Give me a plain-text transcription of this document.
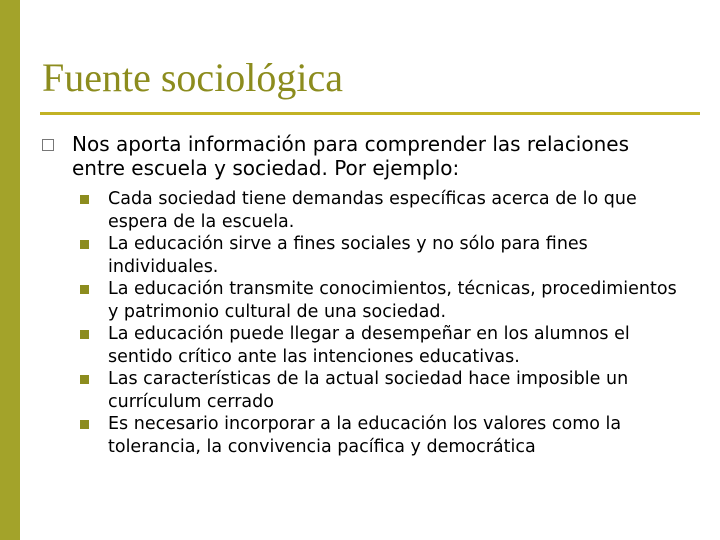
Fuente sociológica
Nos aporta información para comprender las relaciones entre escuela y sociedad. Por ejemplo:
Cada sociedad tiene demandas específicas acerca de lo que espera de la escuela.
La educación sirve a fines sociales y no sólo para fines individuales.
La educación transmite conocimientos, técnicas, procedimientos y patrimonio cultural de una sociedad.
La educación puede llegar a desempeñar en los alumnos el sentido crítico ante las intenciones educativas.
Las características de la actual sociedad hace imposible un currículum cerrado
Es necesario incorporar a la educación los valores como la tolerancia, la convivencia pacífica y democrática
